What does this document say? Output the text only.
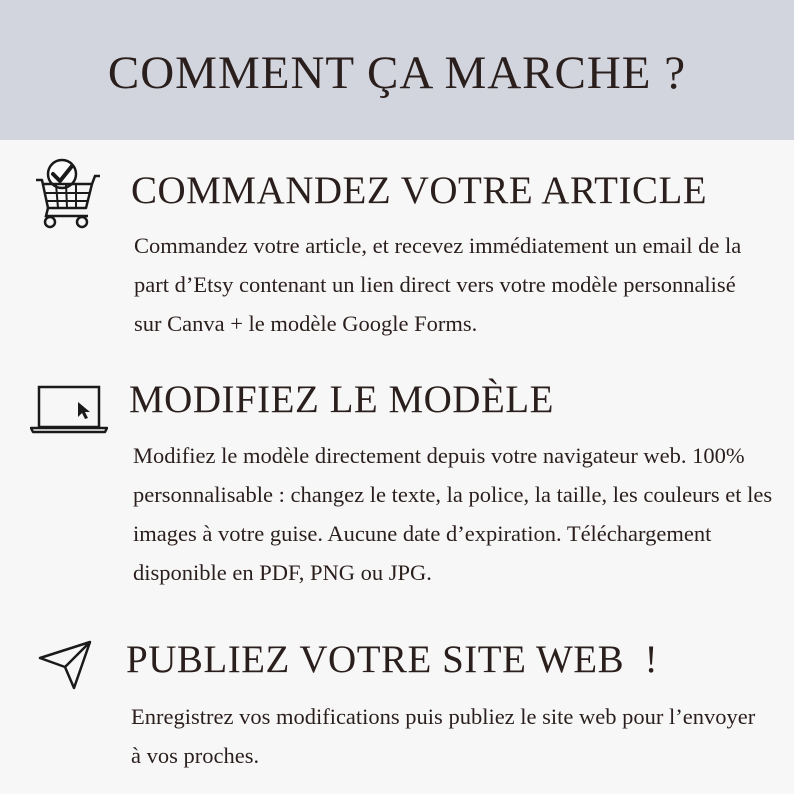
COMMENT ÇA MARCHE ?
COMMANDEZ VOTRE ARTICLE

Commandez votre article, et recevez immédiatement un email de la part d’Etsy contenant un lien direct vers votre modèle personnalisé sur Canva + le modèle Google Forms.

MODIFIEZ LE MODÈLE

Modifiez le modèle directement depuis votre navigateur web. 100% personnalisable : changez le texte, la police, la taille, les couleurs et les images à votre guise. Aucune date d’expiration. Téléchargement disponible en PDF, PNG ou JPG.

PUBLIEZ VOTRE SITE WEB  !

Enregistrez vos modifications puis publiez le site web pour l’envoyer à vos proches.
